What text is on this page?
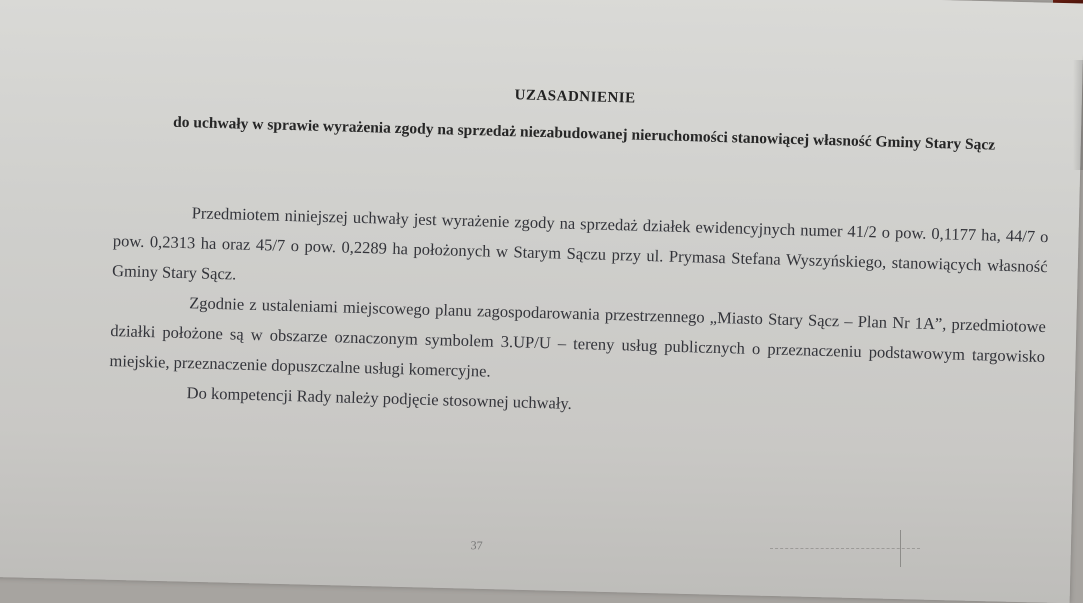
UZASADNIENIE
do uchwały w sprawie wyrażenia zgody na sprzedaż niezabudowanej nieruchomości stanowiącej własność Gminy Stary Sącz

Przedmiotem niniejszej uchwały jest wyrażenie zgody na sprzedaż działek ewidencyjnych numer 41/2 o pow. 0,1177 ha, 44/7 o pow. 0,2313 ha oraz 45/7 o pow. 0,2289 ha położonych w Starym Sączu przy ul. Prymasa Stefana Wyszyńskiego, stanowiących własność Gminy Stary Sącz.

Zgodnie z ustaleniami miejscowego planu zagospodarowania przestrzennego „Miasto Stary Sącz – Plan Nr 1A”, przedmiotowe działki położone są w obszarze oznaczonym symbolem 3.UP/U – tereny usług publicznych o przeznaczeniu podstawowym targowisko miejskie, przeznaczenie dopuszczalne usługi komercyjne.

Do kompetencji Rady należy podjęcie stosownej uchwały.

37
